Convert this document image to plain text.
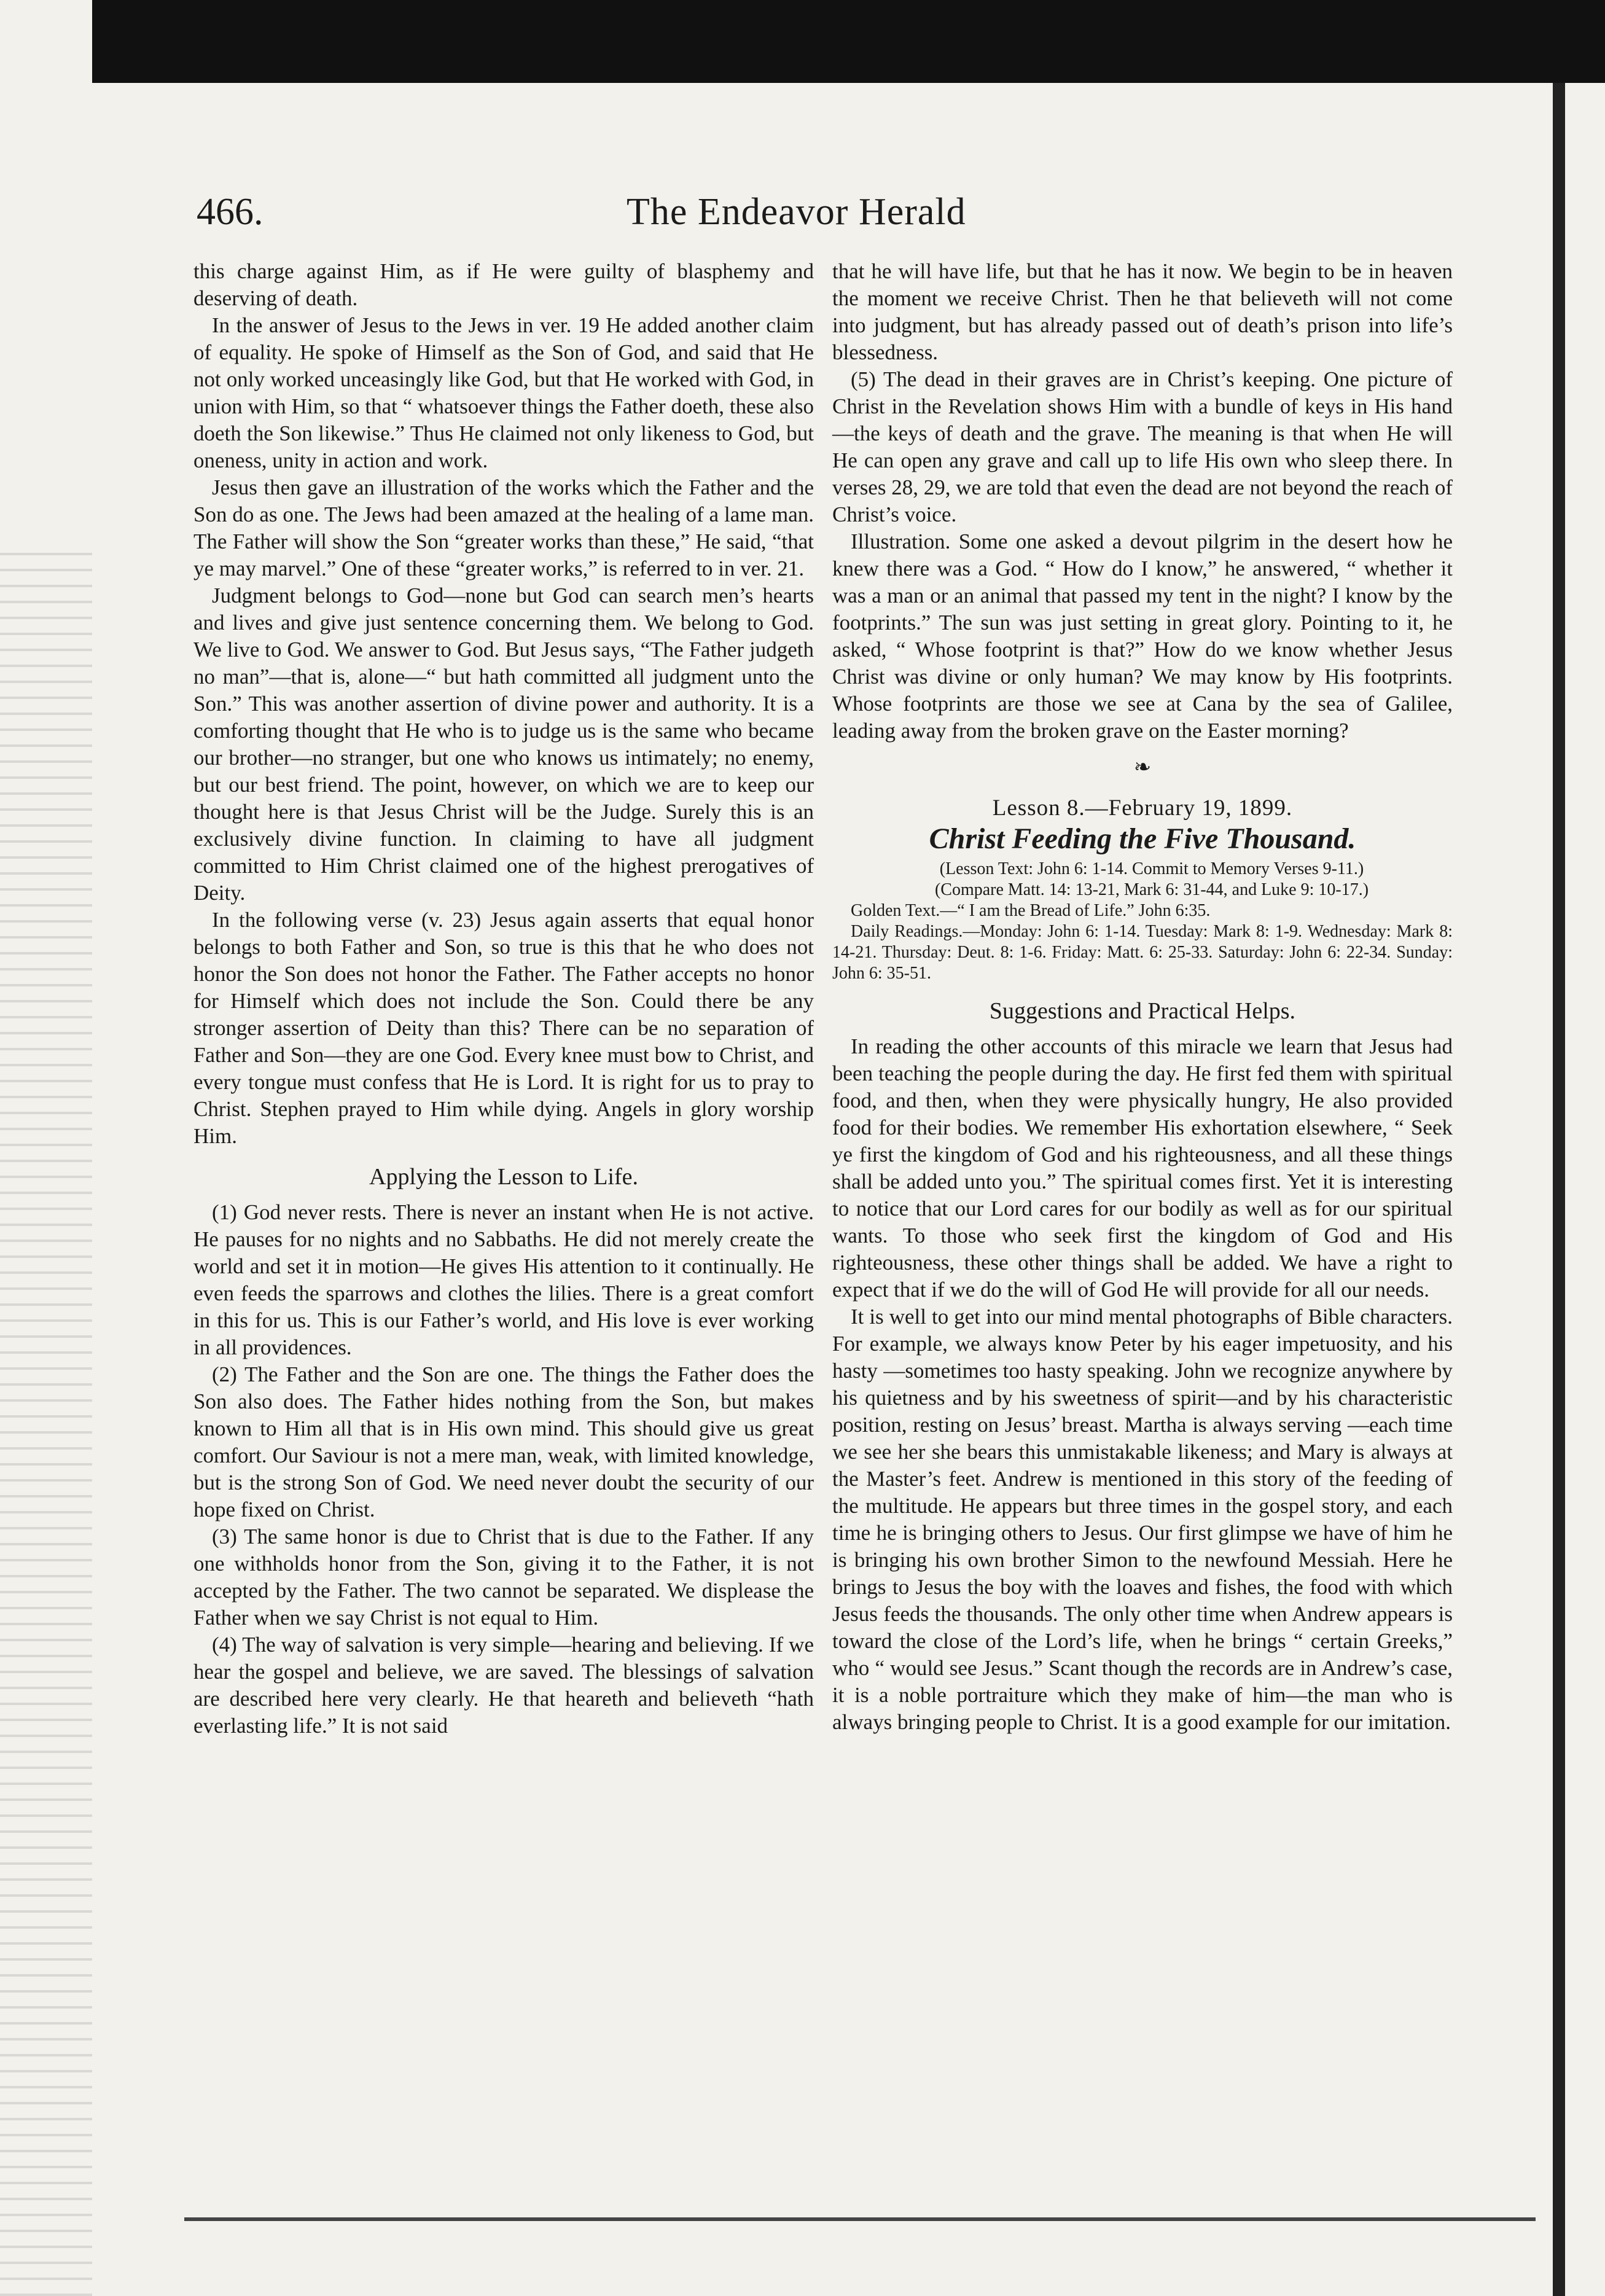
466.	The Endeavor Herald

this charge against Him, as if He were guilty of blasphemy and deserving of death.

In the answer of Jesus to the Jews in ver. 19 He added another claim of equality. He spoke of Himself as the Son of God, and said that He not only worked unceasingly like God, but that He worked with God, in union with Him, so that “ whatsoever things the Father doeth, these also doeth the Son likewise.” Thus He claimed not only likeness to God, but oneness, unity in action and work.

Jesus then gave an illustration of the works which the Father and the Son do as one. The Jews had been amazed at the healing of a lame man. The Father will show the Son “greater works than these,” He said, “that ye may marvel.” One of these “greater works,” is referred to in ver. 21.

Judgment belongs to God—none but God can search men’s hearts and lives and give just sentence concerning them. We belong to God. We live to God. We answer to God. But Jesus says, “The Father judgeth no man”—that is, alone—“ but hath committed all judgment unto the Son.” This was another assertion of divine power and authority. It is a comforting thought that He who is to judge us is the same who became our brother—no stranger, but one who knows us intimately; no enemy, but our best friend. The point, however, on which we are to keep our thought here is that Jesus Christ will be the Judge. Surely this is an exclusively divine function. In claiming to have all judgment committed to Him Christ claimed one of the highest prerogatives of Deity.

In the following verse (v. 23) Jesus again asserts that equal honor belongs to both Father and Son, so true is this that he who does not honor the Son does not honor the Father. The Father accepts no honor for Himself which does not include the Son. Could there be any stronger assertion of Deity than this? There can be no separation of Father and Son—they are one God. Every knee must bow to Christ, and every tongue must confess that He is Lord. It is right for us to pray to Christ. Stephen prayed to Him while dying. Angels in glory worship Him.

Applying the Lesson to Life.

(1) God never rests. There is never an instant when He is not active. He pauses for no nights and no Sabbaths. He did not merely create the world and set it in motion—He gives His attention to it continually. He even feeds the sparrows and clothes the lilies. There is a great comfort in this for us. This is our Father’s world, and His love is ever working in all providences.

(2) The Father and the Son are one. The things the Father does the Son also does. The Father hides nothing from the Son, but makes known to Him all that is in His own mind. This should give us great comfort. Our Saviour is not a mere man, weak, with limited knowledge, but is the strong Son of God. We need never doubt the security of our hope fixed on Christ.

(3) The same honor is due to Christ that is due to the Father. If any one withholds honor from the Son, giving it to the Father, it is not accepted by the Father. The two cannot be separated. We displease the Father when we say Christ is not equal to Him.

(4) The way of salvation is very simple—hearing and believing. If we hear the gospel and believe, we are saved. The blessings of salvation are described here very clearly. He that heareth and believeth “hath everlasting life.” It is not said

that he will have life, but that he has it now. We begin to be in heaven the moment we receive Christ. Then he that believeth will not come into judgment, but has already passed out of death’s prison into life’s blessedness.

(5) The dead in their graves are in Christ’s keeping. One picture of Christ in the Revelation shows Him with a bundle of keys in His hand—the keys of death and the grave. The meaning is that when He will He can open any grave and call up to life His own who sleep there. In verses 28, 29, we are told that even the dead are not beyond the reach of Christ’s voice.

Illustration. Some one asked a devout pilgrim in the desert how he knew there was a God. “ How do I know,” he answered, “ whether it was a man or an animal that passed my tent in the night? I know by the footprints.” The sun was just setting in great glory. Pointing to it, he asked, “ Whose footprint is that?” How do we know whether Jesus Christ was divine or only human? We may know by His footprints. Whose footprints are those we see at Cana by the sea of Galilee, leading away from the broken grave on the Easter morning?

❧
Lesson 8.—February 19, 1899.
Christ Feeding the Five Thousand.

(Lesson Text: John 6: 1-14. Commit to Memory Verses 9-11.)

(Compare Matt. 14: 13-21, Mark 6: 31-44, and Luke 9: 10-17.)

Golden Text.—“ I am the Bread of Life.” John 6:35.

Daily Readings.—Monday: John 6: 1-14. Tuesday: Mark 8: 1-9. Wednesday: Mark 8: 14-21. Thursday: Deut. 8: 1-6. Friday: Matt. 6: 25-33. Saturday: John 6: 22-34. Sunday: John 6: 35-51.

Suggestions and Practical Helps.

In reading the other accounts of this miracle we learn that Jesus had been teaching the people during the day. He first fed them with spiritual food, and then, when they were physically hungry, He also provided food for their bodies. We remember His exhortation elsewhere, “ Seek ye first the kingdom of God and his righteousness, and all these things shall be added unto you.” The spiritual comes first. Yet it is interesting to notice that our Lord cares for our bodily as well as for our spiritual wants. To those who seek first the kingdom of God and His righteousness, these other things shall be added. We have a right to expect that if we do the will of God He will provide for all our needs.

It is well to get into our mind mental photographs of Bible characters. For example, we always know Peter by his eager impetuosity, and his hasty —sometimes too hasty speaking. John we recognize anywhere by his quietness and by his sweetness of spirit—and by his characteristic position, resting on Jesus’ breast. Martha is always serving —each time we see her she bears this unmistakable likeness; and Mary is always at the Master’s feet. Andrew is mentioned in this story of the feeding of the multitude. He appears but three times in the gospel story, and each time he is bringing others to Jesus. Our first glimpse we have of him he is bringing his own brother Simon to the newfound Messiah. Here he brings to Jesus the boy with the loaves and fishes, the food with which Jesus feeds the thousands. The only other time when Andrew appears is toward the close of the Lord’s life, when he brings “ certain Greeks,” who “ would see Jesus.” Scant though the records are in Andrew’s case, it is a noble portraiture which they make of him—the man who is always bringing people to Christ. It is a good example for our imitation.
